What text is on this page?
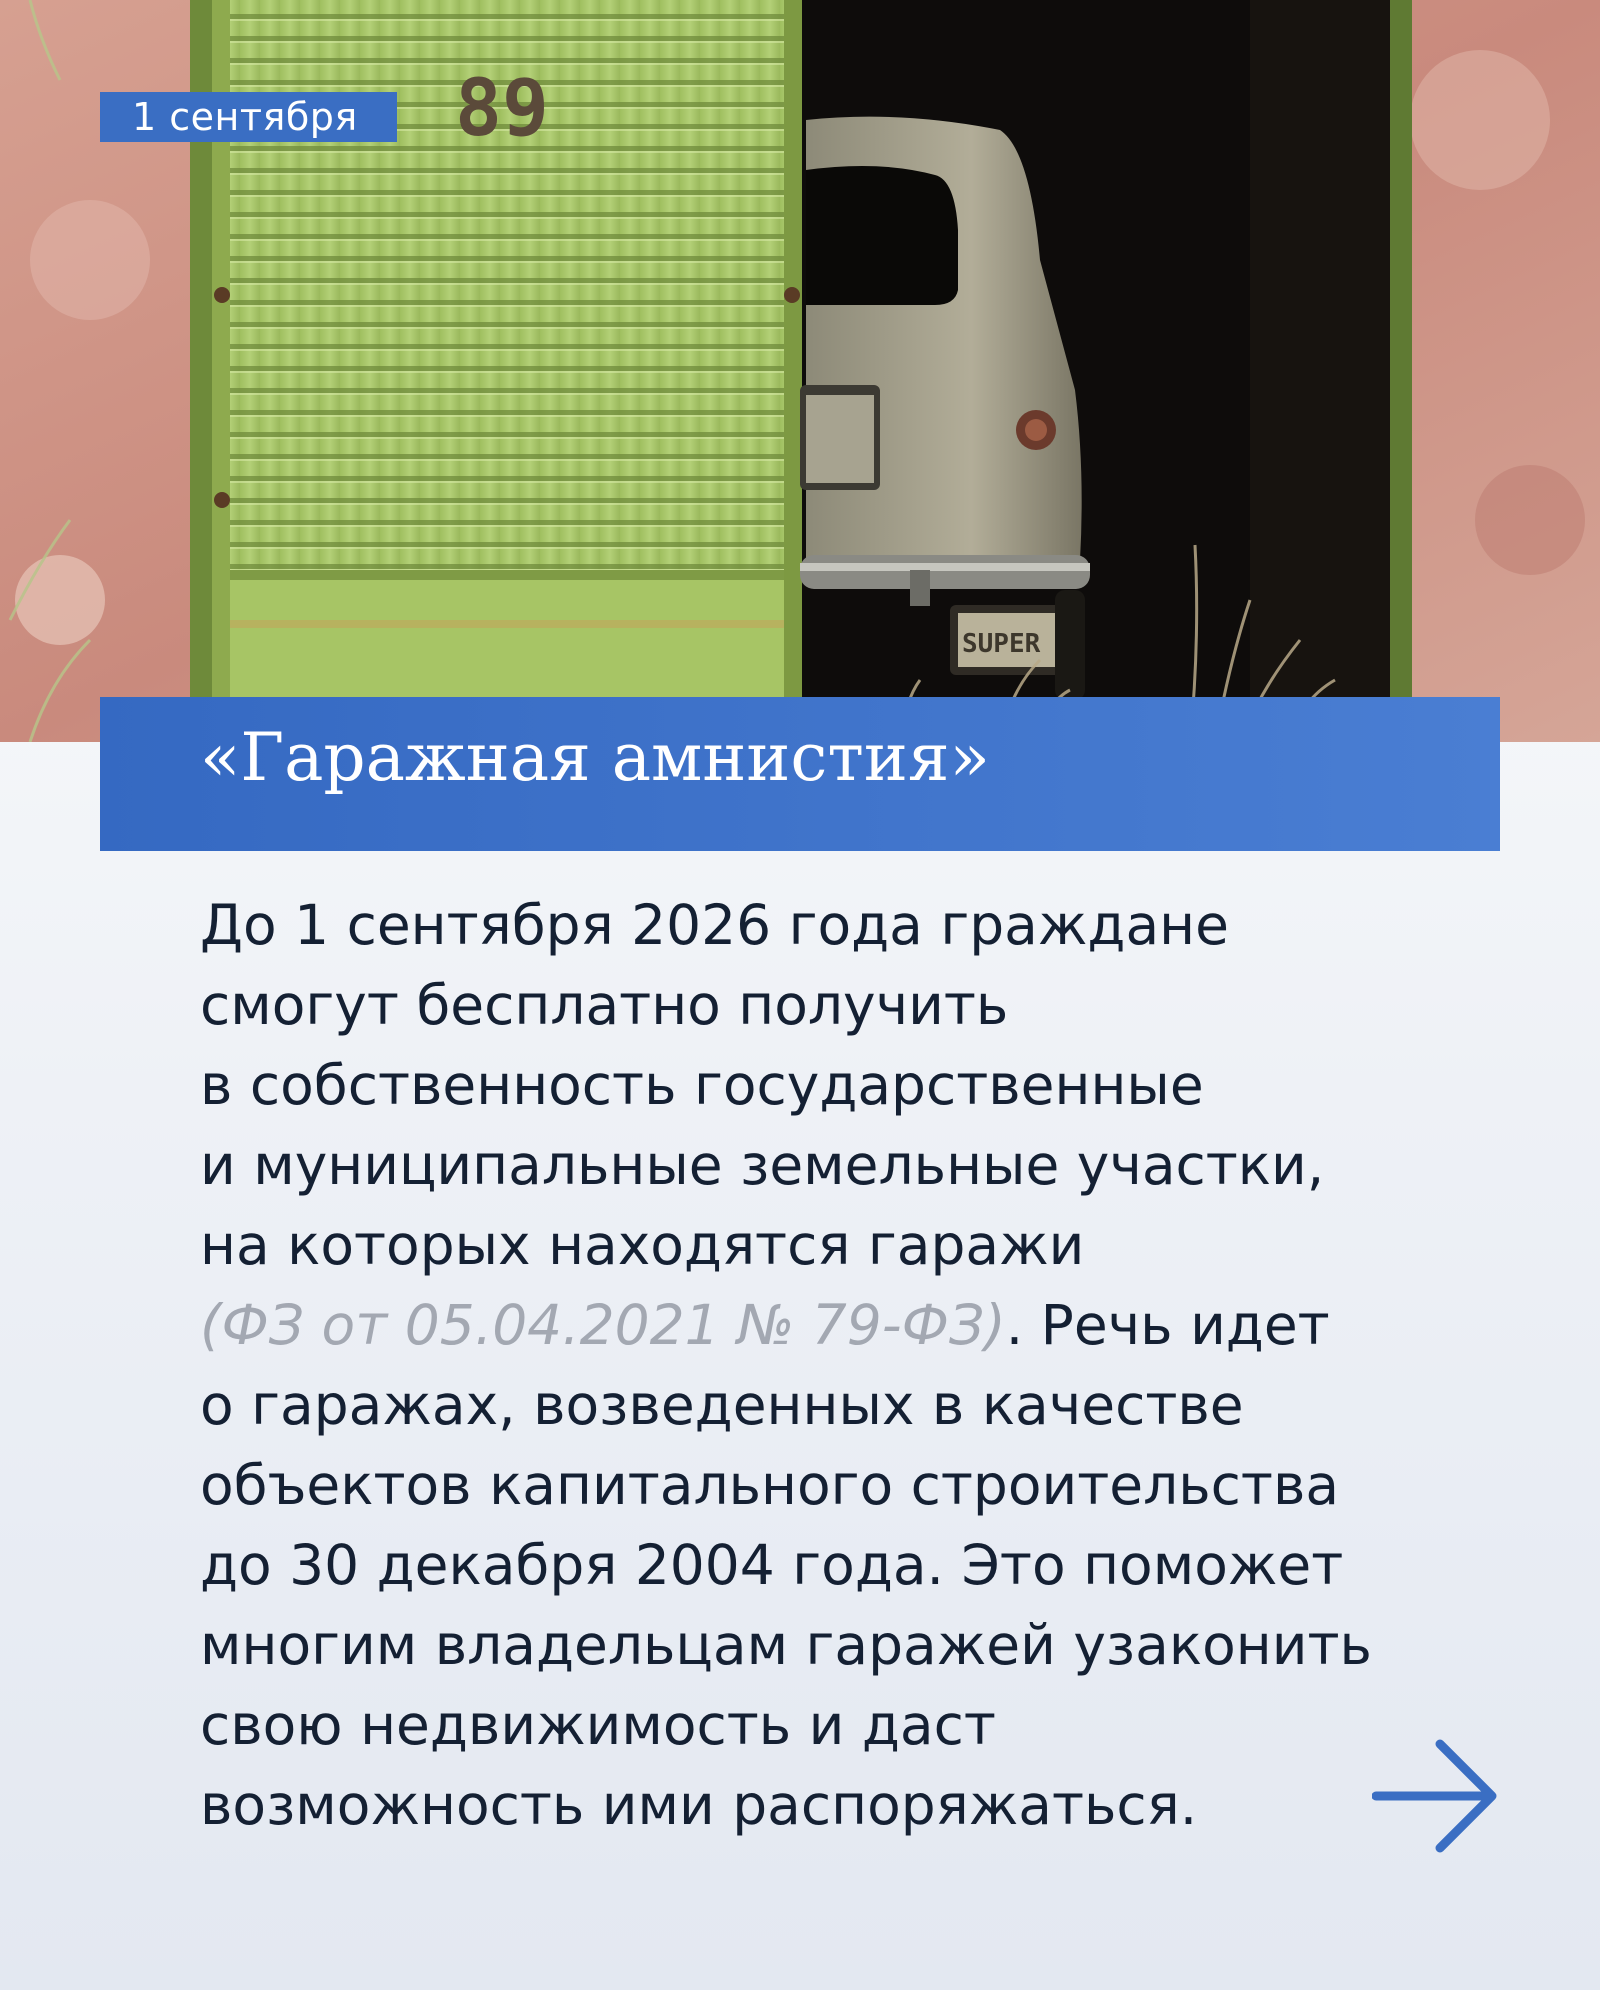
89
SUPER
1 сентября
«Гаражная амнистия»
До 1 сентября 2026 года граждане
смогут бесплатно получить
в собственность государственные
и муниципальные земельные участки,
на которых находятся гаражи
(ФЗ от 05.04.2021 № 79-ФЗ). Речь идет
о гаражах, возведенных в качестве
объектов капитального строительства
до 30 декабря 2004 года. Это поможет
многим владельцам гаражей узаконить
свою недвижимость и даст
возможность ими распоряжаться.
